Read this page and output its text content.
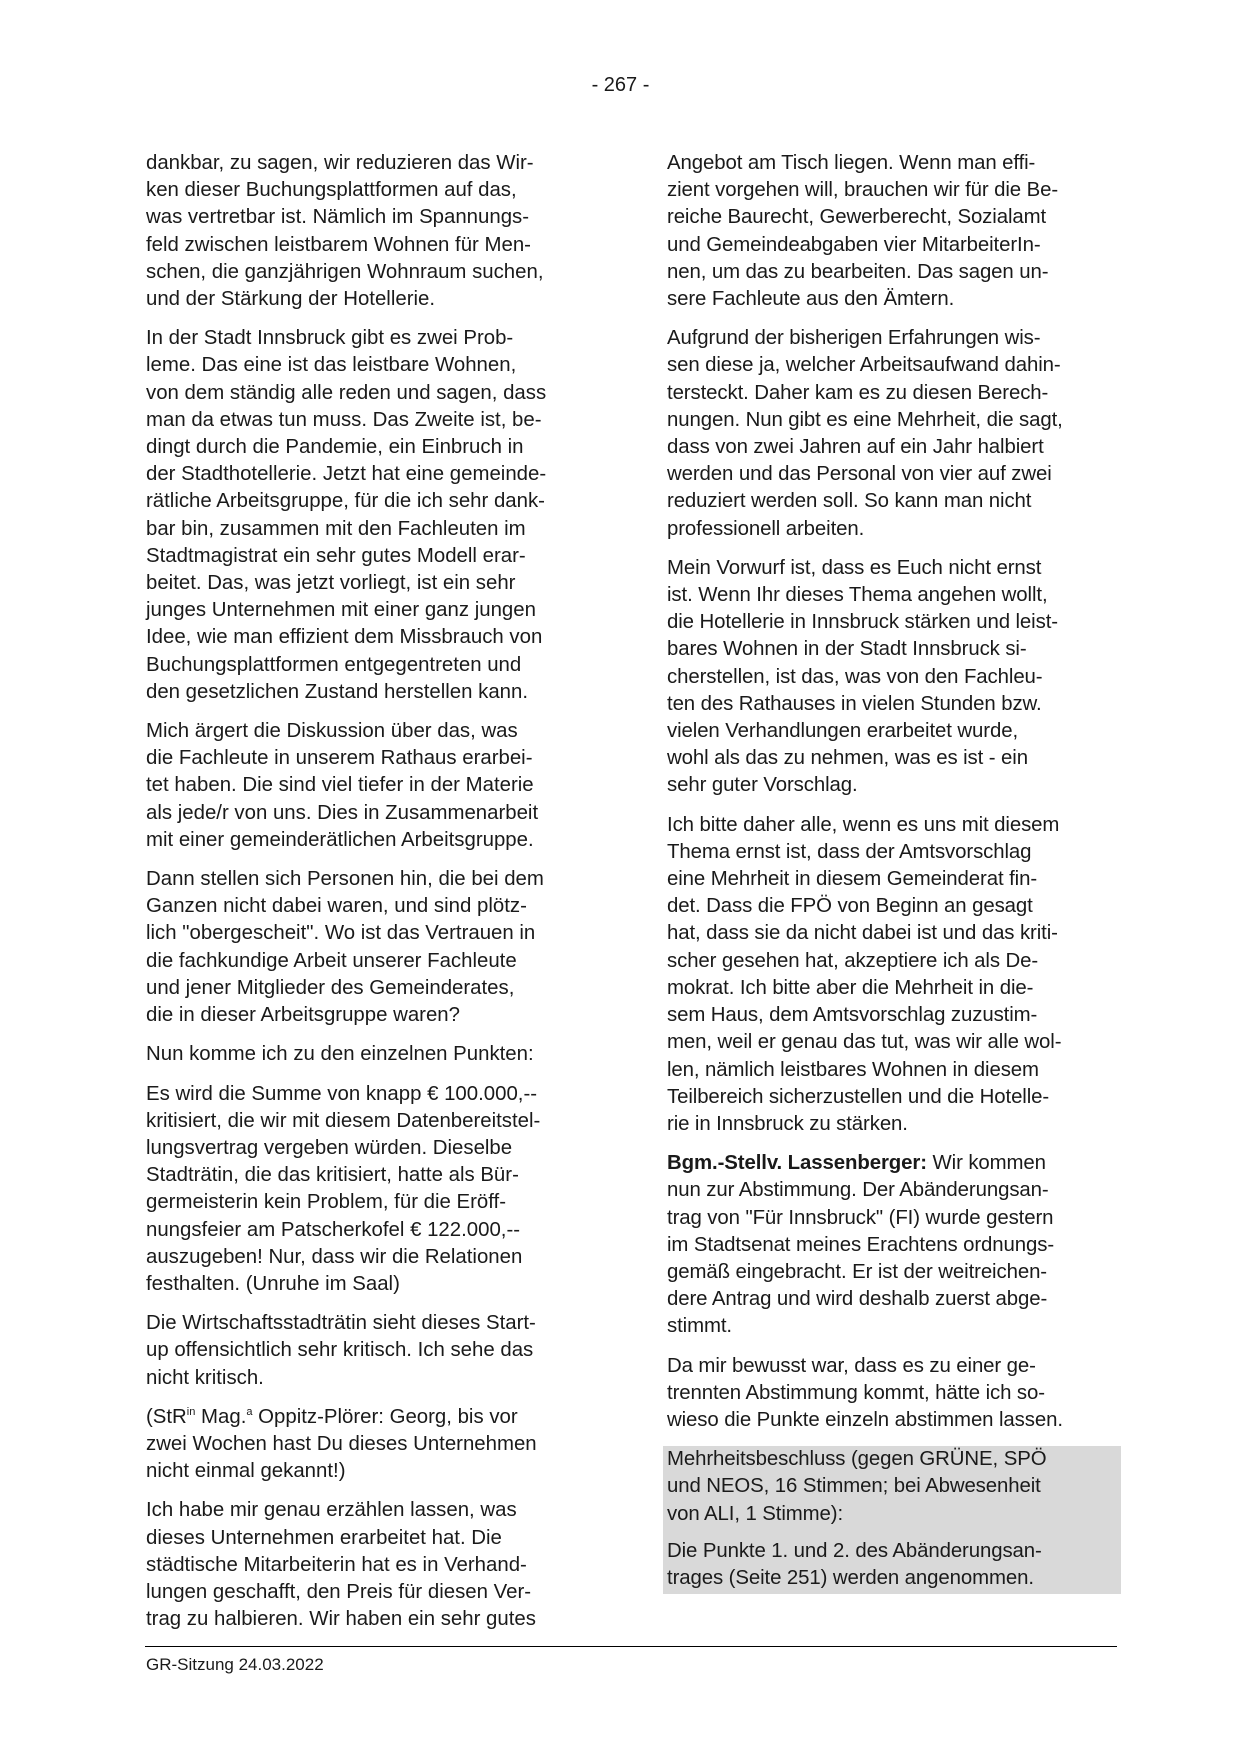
- 267 -

dankbar, zu sagen, wir reduzieren das Wir-
ken dieser Buchungsplattformen auf das,
was vertretbar ist. Nämlich im Spannungs-
feld zwischen leistbarem Wohnen für Men-
schen, die ganzjährigen Wohnraum suchen,
und der Stärkung der Hotellerie.

In der Stadt Innsbruck gibt es zwei Prob-
leme. Das eine ist das leistbare Wohnen,
von dem ständig alle reden und sagen, dass
man da etwas tun muss. Das Zweite ist, be-
dingt durch die Pandemie, ein Einbruch in
der Stadthotellerie. Jetzt hat eine gemeinde-
rätliche Arbeitsgruppe, für die ich sehr dank-
bar bin, zusammen mit den Fachleuten im
Stadtmagistrat ein sehr gutes Modell erar-
beitet. Das, was jetzt vorliegt, ist ein sehr
junges Unternehmen mit einer ganz jungen
Idee, wie man effizient dem Missbrauch von
Buchungsplattformen entgegentreten und
den gesetzlichen Zustand herstellen kann.

Mich ärgert die Diskussion über das, was
die Fachleute in unserem Rathaus erarbei-
tet haben. Die sind viel tiefer in der Materie
als jede/r von uns. Dies in Zusammenarbeit
mit einer gemeinderätlichen Arbeitsgruppe.

Dann stellen sich Personen hin, die bei dem
Ganzen nicht dabei waren, und sind plötz-
lich "obergescheit". Wo ist das Vertrauen in
die fachkundige Arbeit unserer Fachleute
und jener Mitglieder des Gemeinderates,
die in dieser Arbeitsgruppe waren?

Nun komme ich zu den einzelnen Punkten:

Es wird die Summe von knapp € 100.000,--
kritisiert, die wir mit diesem Datenbereitstel-
lungsvertrag vergeben würden. Dieselbe
Stadträtin, die das kritisiert, hatte als Bür-
germeisterin kein Problem, für die Eröff-
nungsfeier am Patscherkofel € 122.000,--
auszugeben! Nur, dass wir die Relationen
festhalten. (Unruhe im Saal)

Die Wirtschaftsstadträtin sieht dieses Start-
up offensichtlich sehr kritisch. Ich sehe das
nicht kritisch.

(StR$^{in}$ Mag.$^a$ Oppitz-Plörer: Georg, bis vor
zwei Wochen hast Du dieses Unternehmen
nicht einmal gekannt!)

Ich habe mir genau erzählen lassen, was
dieses Unternehmen erarbeitet hat. Die
städtische Mitarbeiterin hat es in Verhand-
lungen geschafft, den Preis für diesen Ver-
trag zu halbieren. Wir haben ein sehr gutes

Angebot am Tisch liegen. Wenn man effi-
zient vorgehen will, brauchen wir für die Be-
reiche Baurecht, Gewerberecht, Sozialamt
und Gemeindeabgaben vier MitarbeiterIn-
nen, um das zu bearbeiten. Das sagen un-
sere Fachleute aus den Ämtern.

Aufgrund der bisherigen Erfahrungen wis-
sen diese ja, welcher Arbeitsaufwand dahin-
tersteckt. Daher kam es zu diesen Berech-
nungen. Nun gibt es eine Mehrheit, die sagt,
dass von zwei Jahren auf ein Jahr halbiert
werden und das Personal von vier auf zwei
reduziert werden soll. So kann man nicht
professionell arbeiten.

Mein Vorwurf ist, dass es Euch nicht ernst
ist. Wenn Ihr dieses Thema angehen wollt,
die Hotellerie in Innsbruck stärken und leist-
bares Wohnen in der Stadt Innsbruck si-
cherstellen, ist das, was von den Fachleu-
ten des Rathauses in vielen Stunden bzw.
vielen Verhandlungen erarbeitet wurde,
wohl als das zu nehmen, was es ist - ein
sehr guter Vorschlag.

Ich bitte daher alle, wenn es uns mit diesem
Thema ernst ist, dass der Amtsvorschlag
eine Mehrheit in diesem Gemeinderat fin-
det. Dass die FPÖ von Beginn an gesagt
hat, dass sie da nicht dabei ist und das kriti-
scher gesehen hat, akzeptiere ich als De-
mokrat. Ich bitte aber die Mehrheit in die-
sem Haus, dem Amtsvorschlag zuzustim-
men, weil er genau das tut, was wir alle wol-
len, nämlich leistbares Wohnen in diesem
Teilbereich sicherzustellen und die Hotelle-
rie in Innsbruck zu stärken.

Bgm.-Stellv. Lassenberger: Wir kommen
nun zur Abstimmung. Der Abänderungsan-
trag von "Für Innsbruck" (FI) wurde gestern
im Stadtsenat meines Erachtens ordnungs-
gemäß eingebracht. Er ist der weitreichen-
dere Antrag und wird deshalb zuerst abge-
stimmt.

Da mir bewusst war, dass es zu einer ge-
trennten Abstimmung kommt, hätte ich so-
wieso die Punkte einzeln abstimmen lassen.

Mehrheitsbeschluss (gegen GRÜNE, SPÖ
und NEOS, 16 Stimmen; bei Abwesenheit
von ALI, 1 Stimme):

Die Punkte 1. und 2. des Abänderungsan-
trages (Seite 251) werden angenommen.

GR-Sitzung 24.03.2022
